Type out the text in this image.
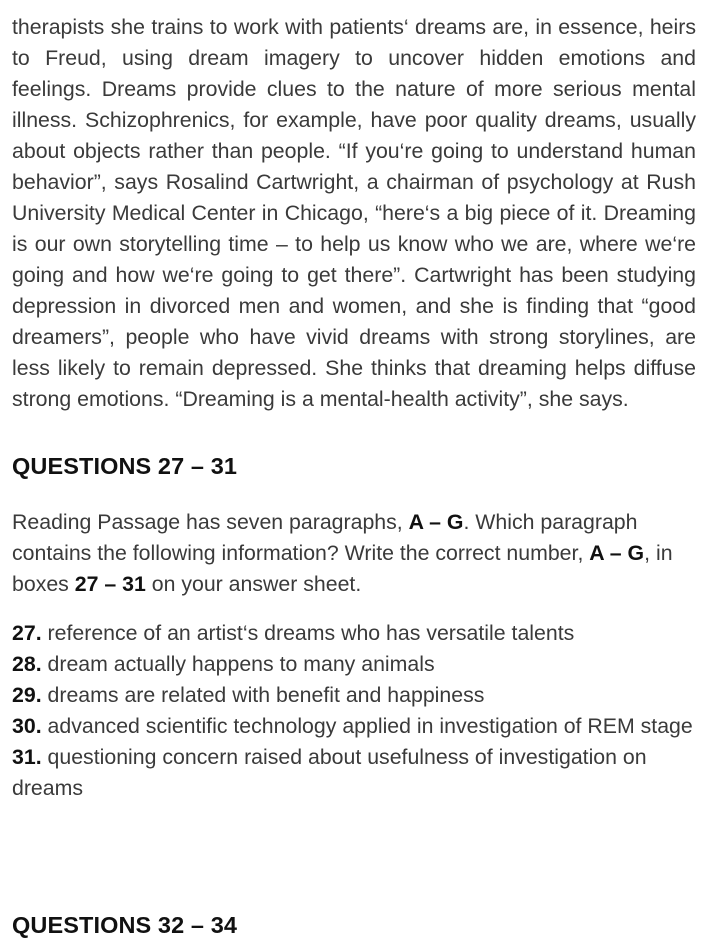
therapists she trains to work with patients‘ dreams are, in essence, heirs to Freud, using dream imagery to uncover hidden emotions and feelings. Dreams provide clues to the nature of more serious mental illness. Schizophrenics, for example, have poor quality dreams, usually about objects rather than people. “If you‘re going to understand human behavior”, says Rosalind Cartwright, a chairman of psychology at Rush University Medical Center in Chicago, “here‘s a big piece of it. Dreaming is our own storytelling time – to help us know who we are, where we‘re going and how we‘re going to get there”. Cartwright has been studying depression in divorced men and women, and she is finding that “good dreamers”, people who have vivid dreams with strong storylines, are less likely to remain depressed. She thinks that dreaming helps diffuse strong emotions. “Dreaming is a mental-health activity”, she says.

QUESTIONS 27 – 31

Reading Passage has seven paragraphs, A – G. Which paragraph contains the following information? Write the correct number, A – G, in boxes 27 – 31 on your answer sheet.

27. reference of an artist‘s dreams who has versatile talents
28. dream actually happens to many animals
29. dreams are related with benefit and happiness
30. advanced scientific technology applied in investigation of REM stage
31. questioning concern raised about usefulness of investigation on dreams
QUESTIONS 32 – 34
